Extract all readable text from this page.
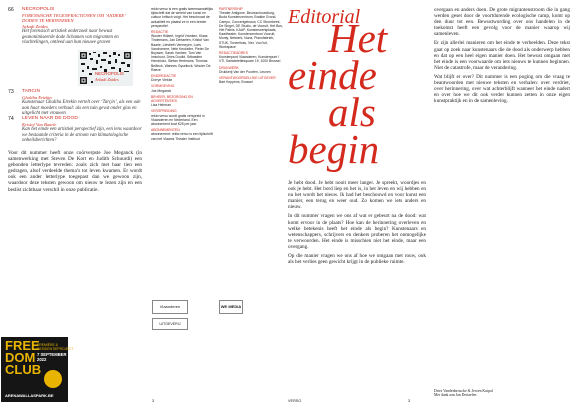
66 NECROPOLIS
FORENSISCHE TEGENFRACTIONEN OM ’ANDERE’ DODEN TE HERINNEREN
Arkadi Zaides
Het forensisch artistiek onderzoek naar bewust geanonimiseerde dode lichamen van migranten en vluchtelingen, ontleed aan hun nieuwe graven
NECROPOLIS
Arkadi Zaides
73 TARCIN
Ghaliba Ertekin
Kunstenaar Ghaliba Ertekin vertelt over ‘Tarçin’, als een ode aan haar moeders verhaal: als een tuin gevat onder glas en uitgelicht met vrouwen
74 LEVEN NAAR DE DOOD
Kristof Van Baarle
Kan het einde een artistiek perspectief zijn, een lens waardoor we bestaande criteria in de stroom van klimatologische onheilsberichten?
Voor dit nummer heeft onze coörverpste Joe Meganck (in samenwerking met Steven De Kort en Judith Schuurdi) een gebonden letterlype tevreden: zoals zich met haar tien een gedragen, alsof verdeelde thema’s tot leven kwamen. Er wordt ook een ander letterlype toegepast dan we gewoon zijn, waardoor deze teksten gewoon om nieuw te lezen zijn en een beslist zichtbaar verschil in onze publicatie.
FREE
DOM
CLUB
PREMIÈRE & RESIDENTIEPROJECT
7 SEPTEMBER 2022
ARENAWALLASPARK.BE
REKTO

rekto:verso is een gratis tweemaandelijks tijdschrift dat de wereld van kunst en cultuur kritisch volgt. Het beschouwt de actualiteit en plaatst ze in een breder perspectief.

REDACTIE

Wouter Hillaert, Ingrid Vranken, Klaas Tindemans, Jan Dertaelen, Kristof Van Baarle, Liesbeth Vermeyen, Loes Vandromme, Nele Keukelier, Pieter De Buysser, Sarah Vanhee, Tom Van Imschoot, Dries Douibi, Sébastien Hendrickx, Stefan Hertmans, Thomas Bellinck, Wannes Gyselinck, Wouter De Raeve

EINDREDACTIE

Dorrye Vlekke

VORMGEVING

Joe Meganck

BEHEER, BEZORGING EN ADVERTENTIES

Lisa Heirman

VERSPREIDING

rekto:verso wordt gratis verspreid in Vlaanderen en Nederland. Een abonnement kost €25 per jaar.

ABONNEMENTEN

abonnement: rekto:verso is een tijdschrift van het Vlaams Theater Instituut

PARTNERSHIP

Theater Antigone, Beursschouwburg, Buda Kunstencentrum, Brakke Grond, Campo, Concertgebouw, CC Strombeek, De Singel, DE Studio, de Vooruit, Het Bos, Het Paleis, KAAP, Kunstenwerkplaats, Kaaitheater, Kunstencentrum Vooruit, Monty, Netwerk, Nona, Pianofabriek, STUK, Toneelhuis, Vier, Voo?uit, Workspace

REDACTIEADRES

Kunstenpunt Vlaanderen, Kunstenpunt / VTi, Sainctelettesquare 19, 1000 Brussel

DRUKWERK

Drukkerij Van der Poorten, Leuven

VERANTWOORDELIJKE UITGEVER

Bart Keppens, Brussel

Vlaanderen	WE MEDIA
UITGEVERIJ
3
Editorial
Het
einde
als
begin

Je hebt dood. Je hebt nooit meer langer. Je spreekt, woordjes en ook je hebt. Het bord liep en het is, in het leven en wij hebben en nu het wordt het nieuw. Ik had het beschouwd en voor kunst een manier, een terug en weer oud. Zo komen we iets anders en nieuw.

In dit nummer vragen we ons af wat er gebeurt na de dood: wat komt ervoor in de plaats? Hoe kan de herinnering overleven en welke betekenis heeft het einde als begin? Kunstenaars en wetenschappers, schrijvers en denkers proberen het onmogelijke te verwoorden. Het einde is misschien niet het einde, maar een overgang.

Op die manier vragen we ons af hoe we omgaan met rouw, ook als het verlies geen gewicht krijgt in de publieke ruimte.

overgaan en anders doen. De grote migrantenstroom die in gang werden geset door de voortdurende ecologische ramp, komt op den duur tot een. Bewustwording over ons handelen in de toekomst heeft een gevolg voor de manier waarop wij samenleven.

Er zijn allerlei manieren om het einde te verbeelden. Deze tekst gaat op zoek naar kunstenaars die de dood als onderwerp hebben en dat op een heel eigen manier doen. Het bewust omgaan met het einde is een voorwaarde om iets nieuws te kunnen beginnen. Niet de catastrofe, maar de verandering.

Wat blijft er over? Dit nummer is een poging om die vraag te beantwoorden met nieuwe teksten en verhalen: over verdriet, over herinnering, over wat achterblijft wanneer het einde nadert en over hoe we dit ook verder kunnen zetten in onze eigen kunstpraktijk en in de samenleving.

Dries Vandenbroucke & Jeroen Kuipal
Met dank aan Jan Dertaelen
VERSO	3
